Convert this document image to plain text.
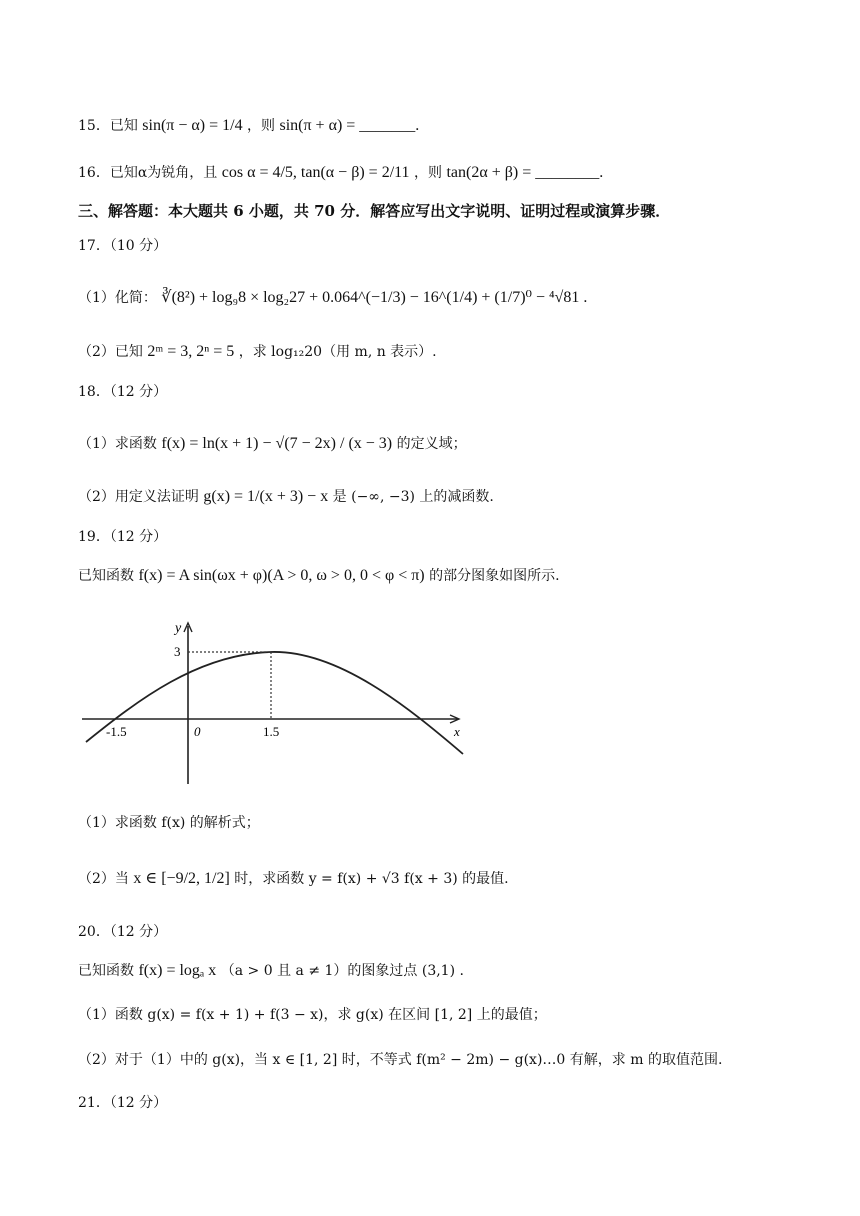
15．已知 sin(π − α) = 1/4 ，则 sin(π + α) = _______.
16．已知α为锐角，且 cos α = 4/5, tan(α − β) = 2/11 ，则 tan(2α + β) = ________.
三、解答题：本大题共 6 小题，共 70 分．解答应写出文字说明、证明过程或演算步骤．
17．（10 分）
（1）化简： ∛(8²) + log₉8 × log₂27 + 0.064^(−1/3) − 16^(1/4) + (1/7)⁰ − ⁴√81 .
（2）已知 2ᵐ = 3, 2ⁿ = 5 ，求 log₁₂20（用 m, n 表示）.
18．（12 分）
（1）求函数 f(x) = ln(x + 1) − √(7 − 2x) / (x − 3) 的定义域；
（2）用定义法证明 g(x) = 1/(x + 3) − x 是 (−∞, −3) 上的减函数.
19．（12 分）
已知函数 f(x) = A sin(ωx + φ)(A > 0, ω > 0, 0 < φ < π) 的部分图象如图所示.
y
x
3
-1.5	0	1.5
（1）求函数 f(x) 的解析式；
（2）当 x ∈ [−9/2, 1/2] 时，求函数 y = f(x) + √3 f(x + 3) 的最值.
20．（12 分）
已知函数 f(x) = logₐ x （a > 0 且 a ≠ 1）的图象过点 (3,1) .
（1）函数 g(x) = f(x + 1) + f(3 − x)，求 g(x) 在区间 [1, 2] 上的最值；
（2）对于（1）中的 g(x)，当 x ∈ [1, 2] 时，不等式 f(m² − 2m) − g(x)…0 有解，求 m 的取值范围.
21．（12 分）
